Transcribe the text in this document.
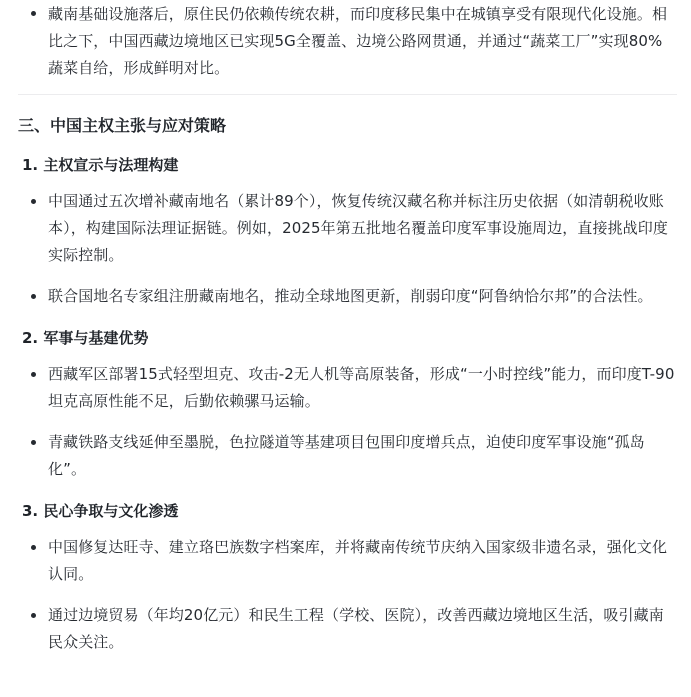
藏南基础设施落后，原住民仍依赖传统农耕，而印度移民集中在城镇享受有限现代化设施。相比之下，中国西藏边境地区已实现5G全覆盖、边境公路网贯通，并通过“蔬菜工厂”实现80%蔬菜自给，形成鲜明对比。
三、中国主权主张与应对策略
1. 主权宣示与法理构建
中国通过五次增补藏南地名（累计89个），恢复传统汉藏名称并标注历史依据（如清朝税收账本），构建国际法理证据链。例如，2025年第五批地名覆盖印度军事设施周边，直接挑战印度实际控制。
联合国地名专家组注册藏南地名，推动全球地图更新，削弱印度“阿鲁纳恰尔邦”的合法性。
2. 军事与基建优势
西藏军区部署15式轻型坦克、攻击-2无人机等高原装备，形成“一小时控线”能力，而印度T-90坦克高原性能不足，后勤依赖骡马运输。
青藏铁路支线延伸至墨脱，色拉隧道等基建项目包围印度增兵点，迫使印度军事设施“孤岛化”。
3. 民心争取与文化渗透
中国修复达旺寺、建立珞巴族数字档案库，并将藏南传统节庆纳入国家级非遗名录，强化文化认同。
通过边境贸易（年均20亿元）和民生工程（学校、医院），改善西藏边境地区生活，吸引藏南民众关注。
